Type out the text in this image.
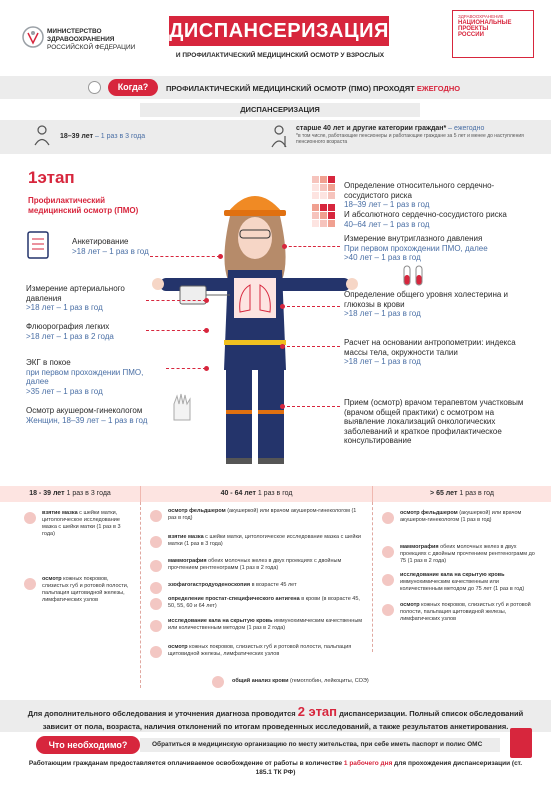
МИНИСТЕРСТВО
ЗДРАВООХРАНЕНИЯ
РОССИЙСКОЙ ФЕДЕРАЦИИ
ДИСПАНСЕРИЗАЦИЯ
И ПРОФИЛАКТИЧЕСКИЙ МЕДИЦИНСКИЙ ОСМОТР У ВЗРОСЛЫХ
ЗДРАВООХРАНЕНИЕ
НАЦИОНАЛЬНЫЕ
ПРОЕКТЫ
РОССИИ
Когда?	ПРОФИЛАКТИЧЕСКИЙ МЕДИЦИНСКИЙ ОСМОТР (ПМО) ПРОХОДЯТ ЕЖЕГОДНО
ДИСПАНСЕРИЗАЦИЯ
18–39 лет – 1 раз в 3 года
старше 40 лет и другие категории граждан* – ежегодно
*в том числе, работающие пенсионеры и работающие граждане за 5 лет и менее до наступления пенсионного возраста
1этап
Профилактический медицинский осмотр (ПМО)
Анкетирование
>18 лет – 1 раз в год
Измерение артериального давления
>18 лет – 1 раз в год
Флюорография легких
>18 лет – 1 раз в 2 года
ЭКГ в покое
при первом прохождении ПМО, далее
>35 лет – 1 раз в год
Осмотр акушером-гинекологом
Женщин, 18–39 лет – 1 раз в год
Определение относительного сердечно-сосудистого риска
18–39 лет – 1 раз в год
И абсолютного сердечно-сосудистого риска
40–64 лет – 1 раз в год
Измерение внутриглазного давления
При первом прохождении ПМО, далее
>40 лет – 1 раз в год
Определение общего уровня холестерина и глюкозы в крови
>18 лет – 1 раз в год
Расчет на основании антропометрии: индекса массы тела, окружности талии
>18 лет – 1 раз в год
Прием (осмотр) врачом терапевтом участковым (врачом общей практики) с осмотром на выявление локализаций онкологических заболеваний и краткое профилактическое консультирование
18 - 39 лет 1 раз в 3 года	40 - 64 лет 1 раз в год	> 65 лет 1 раз в год
взятие мазка с шейки матки, цитологическое исследование мазка с шейки матки (1 раз в 3 года)
осмотр кожных покровов, слизистых губ и ротовой полости, пальпация щитовидной железы, лимфатических узлов
осмотр фельдшером (акушеркой) или врачом акушером-гинекологом (1 раз в год)
взятие мазка с шейки матки, цитологическое исследование мазка с шейки матки (1 раз в 3 года)
маммография обеих молочных желез в двух проекциях с двойным прочтением рентгенограмм (1 раз в 2 года)
эзофагогастродуоденоскопия в возрасте 45 лет
определение простат-специфического антигена в крови (в возрасте 45, 50, 55, 60 и 64 лет)
исследование кала на скрытую кровь иммунохимическим качественным или количественным методом (1 раз в 2 года)
осмотр кожных покровов, слизистых губ и ротовой полости, пальпация щитовидной железы, лимфатических узлов
общий анализ крови (гемоглобин, лейкоциты, СОЭ)
осмотр фельдшером (акушеркой) или врачом акушером-гинекологом (1 раз в год)
маммография обеих молочных желез в двух проекциях с двойным прочтением рентгенограмм до 75 (1 раз в 2 года)
исследование кала на скрытую кровь иммунохимическим качественным или количественным методом до 75 лет (1 раз в год)
осмотр кожных покровов, слизистых губ и ротовой полости, пальпация щитовидной железы, лимфатических узлов
Для дополнительного обследования и уточнения диагноза проводится 2 этап диспансеризации. Полный список обследований зависит от пола, возраста, наличия отклонений по итогам проведенных исследований, а также результатов анкетирования.
Что необходимо?	Обратиться в медицинскую организацию по месту жительства, при себе иметь паспорт и полис ОМС
Работающим гражданам предоставляется оплачиваемое освобождение от работы в количестве 1 рабочего дня для прохождения диспансеризации (ст. 185.1 ТК РФ)
